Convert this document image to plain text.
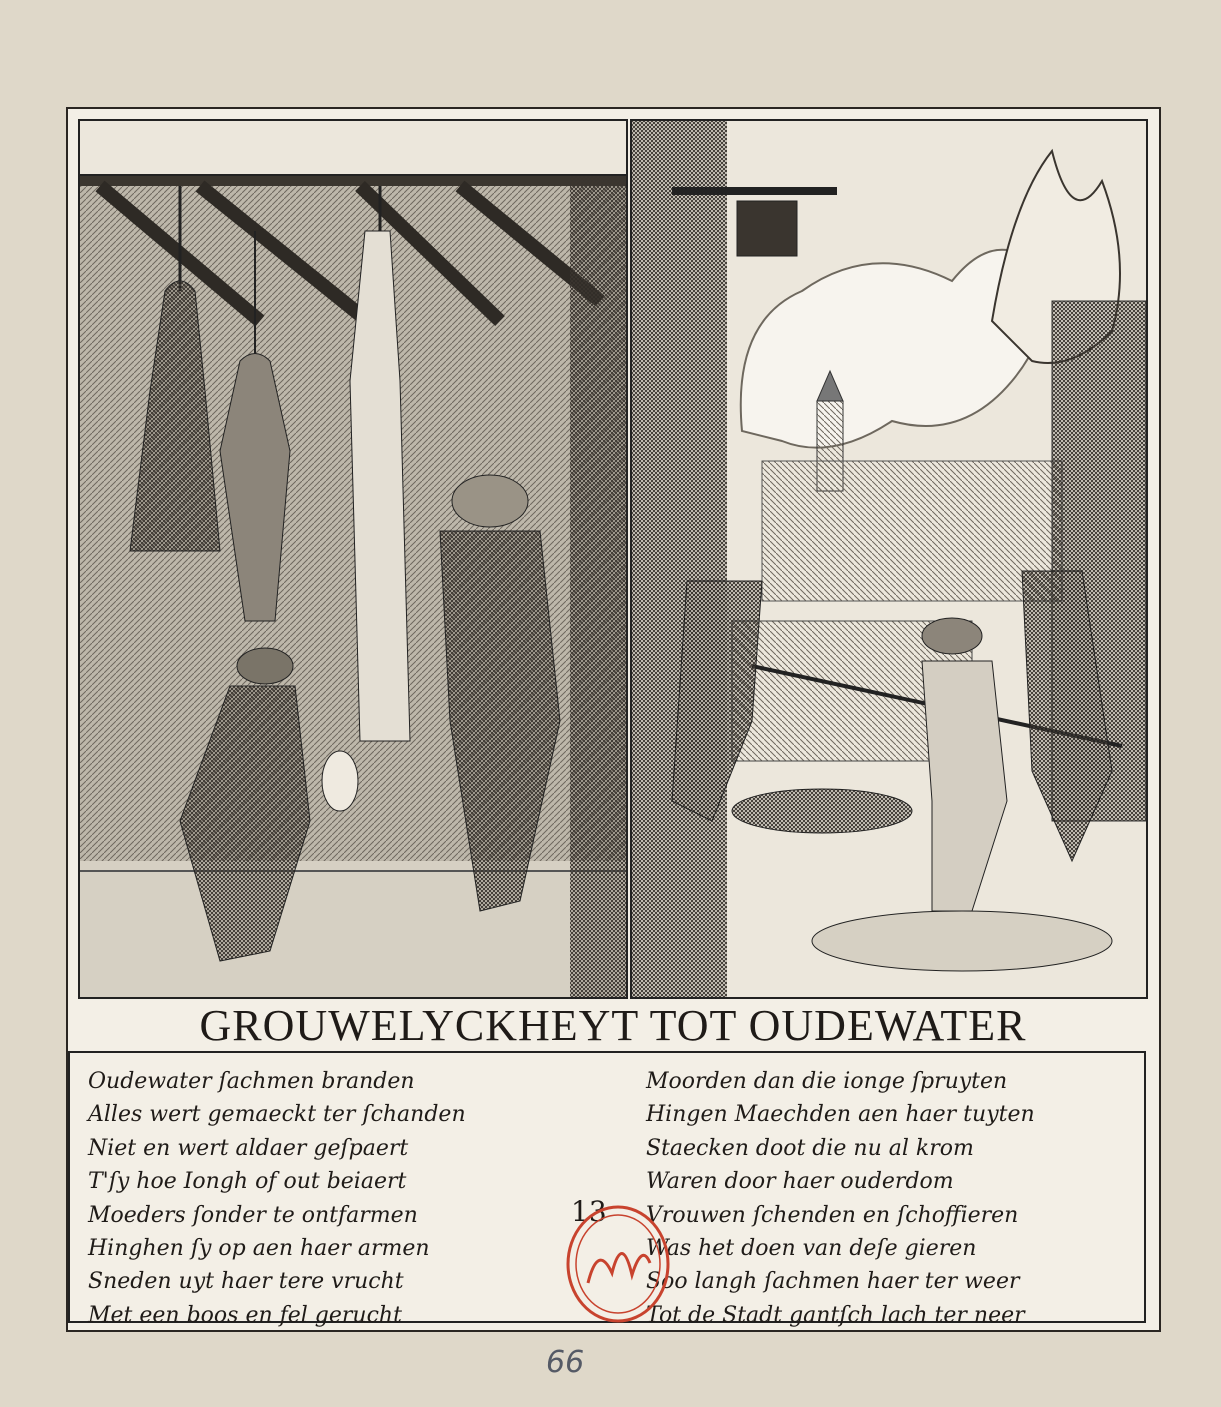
GROUWELYCKHEYT TOT OUDEWATER
Oudewater ſachmen branden
Alles wert gemaeckt ter ſchanden
Niet en wert aldaer geſpaert
T'ſy hoe Iongh of out beiaert
Moeders ſonder te ontfarmen
Hinghen ſy op aen haer armen
Sneden uyt haer tere vrucht
Met een boos en fel gerucht
Moorden dan die ionge ſpruyten
Hingen Maechden aen haer tuyten
Staecken doot die nu al krom
Waren door haer ouderdom
Vrouwen ſchenden en ſchoffieren
Was het doen van deſe gieren
Soo langh ſachmen haer ter weer
Tot de Stadt gantſch lach ter neer
13
66
